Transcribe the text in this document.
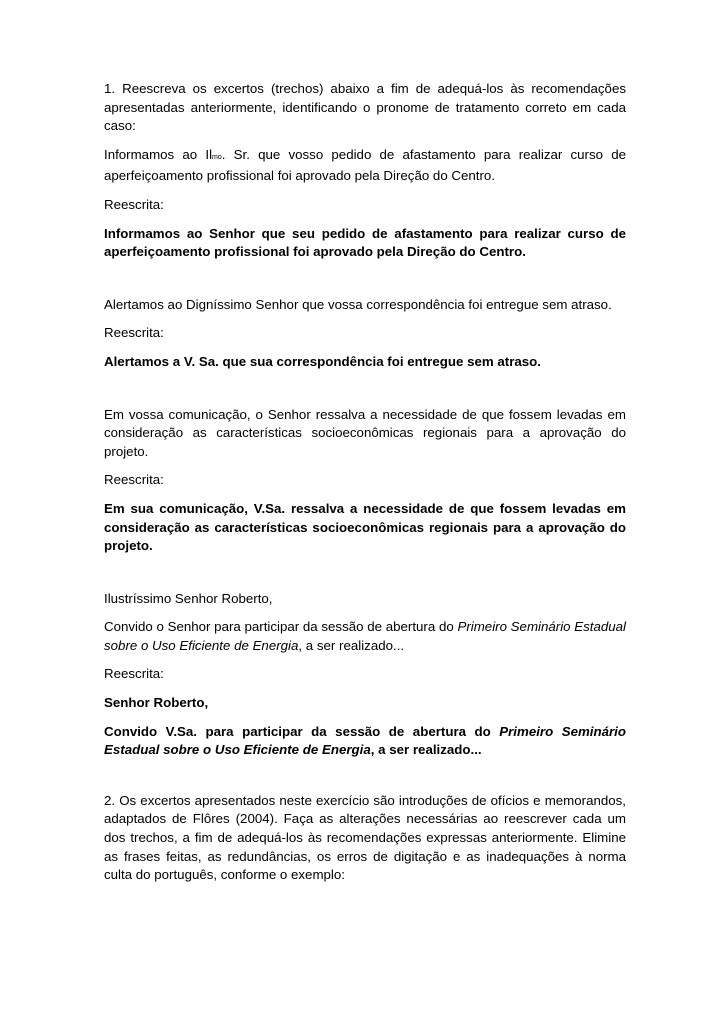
1. Reescreva os excertos (trechos) abaixo a fim de adequá-los às recomendações apresentadas anteriormente, identificando o pronome de tratamento correto em cada caso:

Informamos ao Ilmo. Sr. que vosso pedido de afastamento para realizar curso de aperfeiçoamento profissional foi aprovado pela Direção do Centro.

Reescrita:

Informamos ao Senhor que seu pedido de afastamento para realizar curso de aperfeiçoamento profissional foi aprovado pela Direção do Centro.

Alertamos ao Digníssimo Senhor que vossa correspondência foi entregue sem atraso.

Reescrita:

Alertamos a V. Sa. que sua correspondência foi entregue sem atraso.

Em vossa comunicação, o Senhor ressalva a necessidade de que fossem levadas em consideração as características socioeconômicas regionais para a aprovação do projeto.

Reescrita:

Em sua comunicação, V.Sa. ressalva a necessidade de que fossem levadas em consideração as características socioeconômicas regionais para a aprovação do projeto.

Ilustríssimo Senhor Roberto,

Convido o Senhor para participar da sessão de abertura do Primeiro Seminário Estadual sobre o Uso Eficiente de Energia, a ser realizado...

Reescrita:

Senhor Roberto,

Convido V.Sa. para participar da sessão de abertura do Primeiro Seminário Estadual sobre o Uso Eficiente de Energia, a ser realizado...

2. Os excertos apresentados neste exercício são introduções de ofícios e memorandos, adaptados de Flôres (2004). Faça as alterações necessárias ao reescrever cada um dos trechos, a fim de adequá-los às recomendações expressas anteriormente. Elimine as frases feitas, as redundâncias, os erros de digitação e as inadequações à norma culta do português, conforme o exemplo:
